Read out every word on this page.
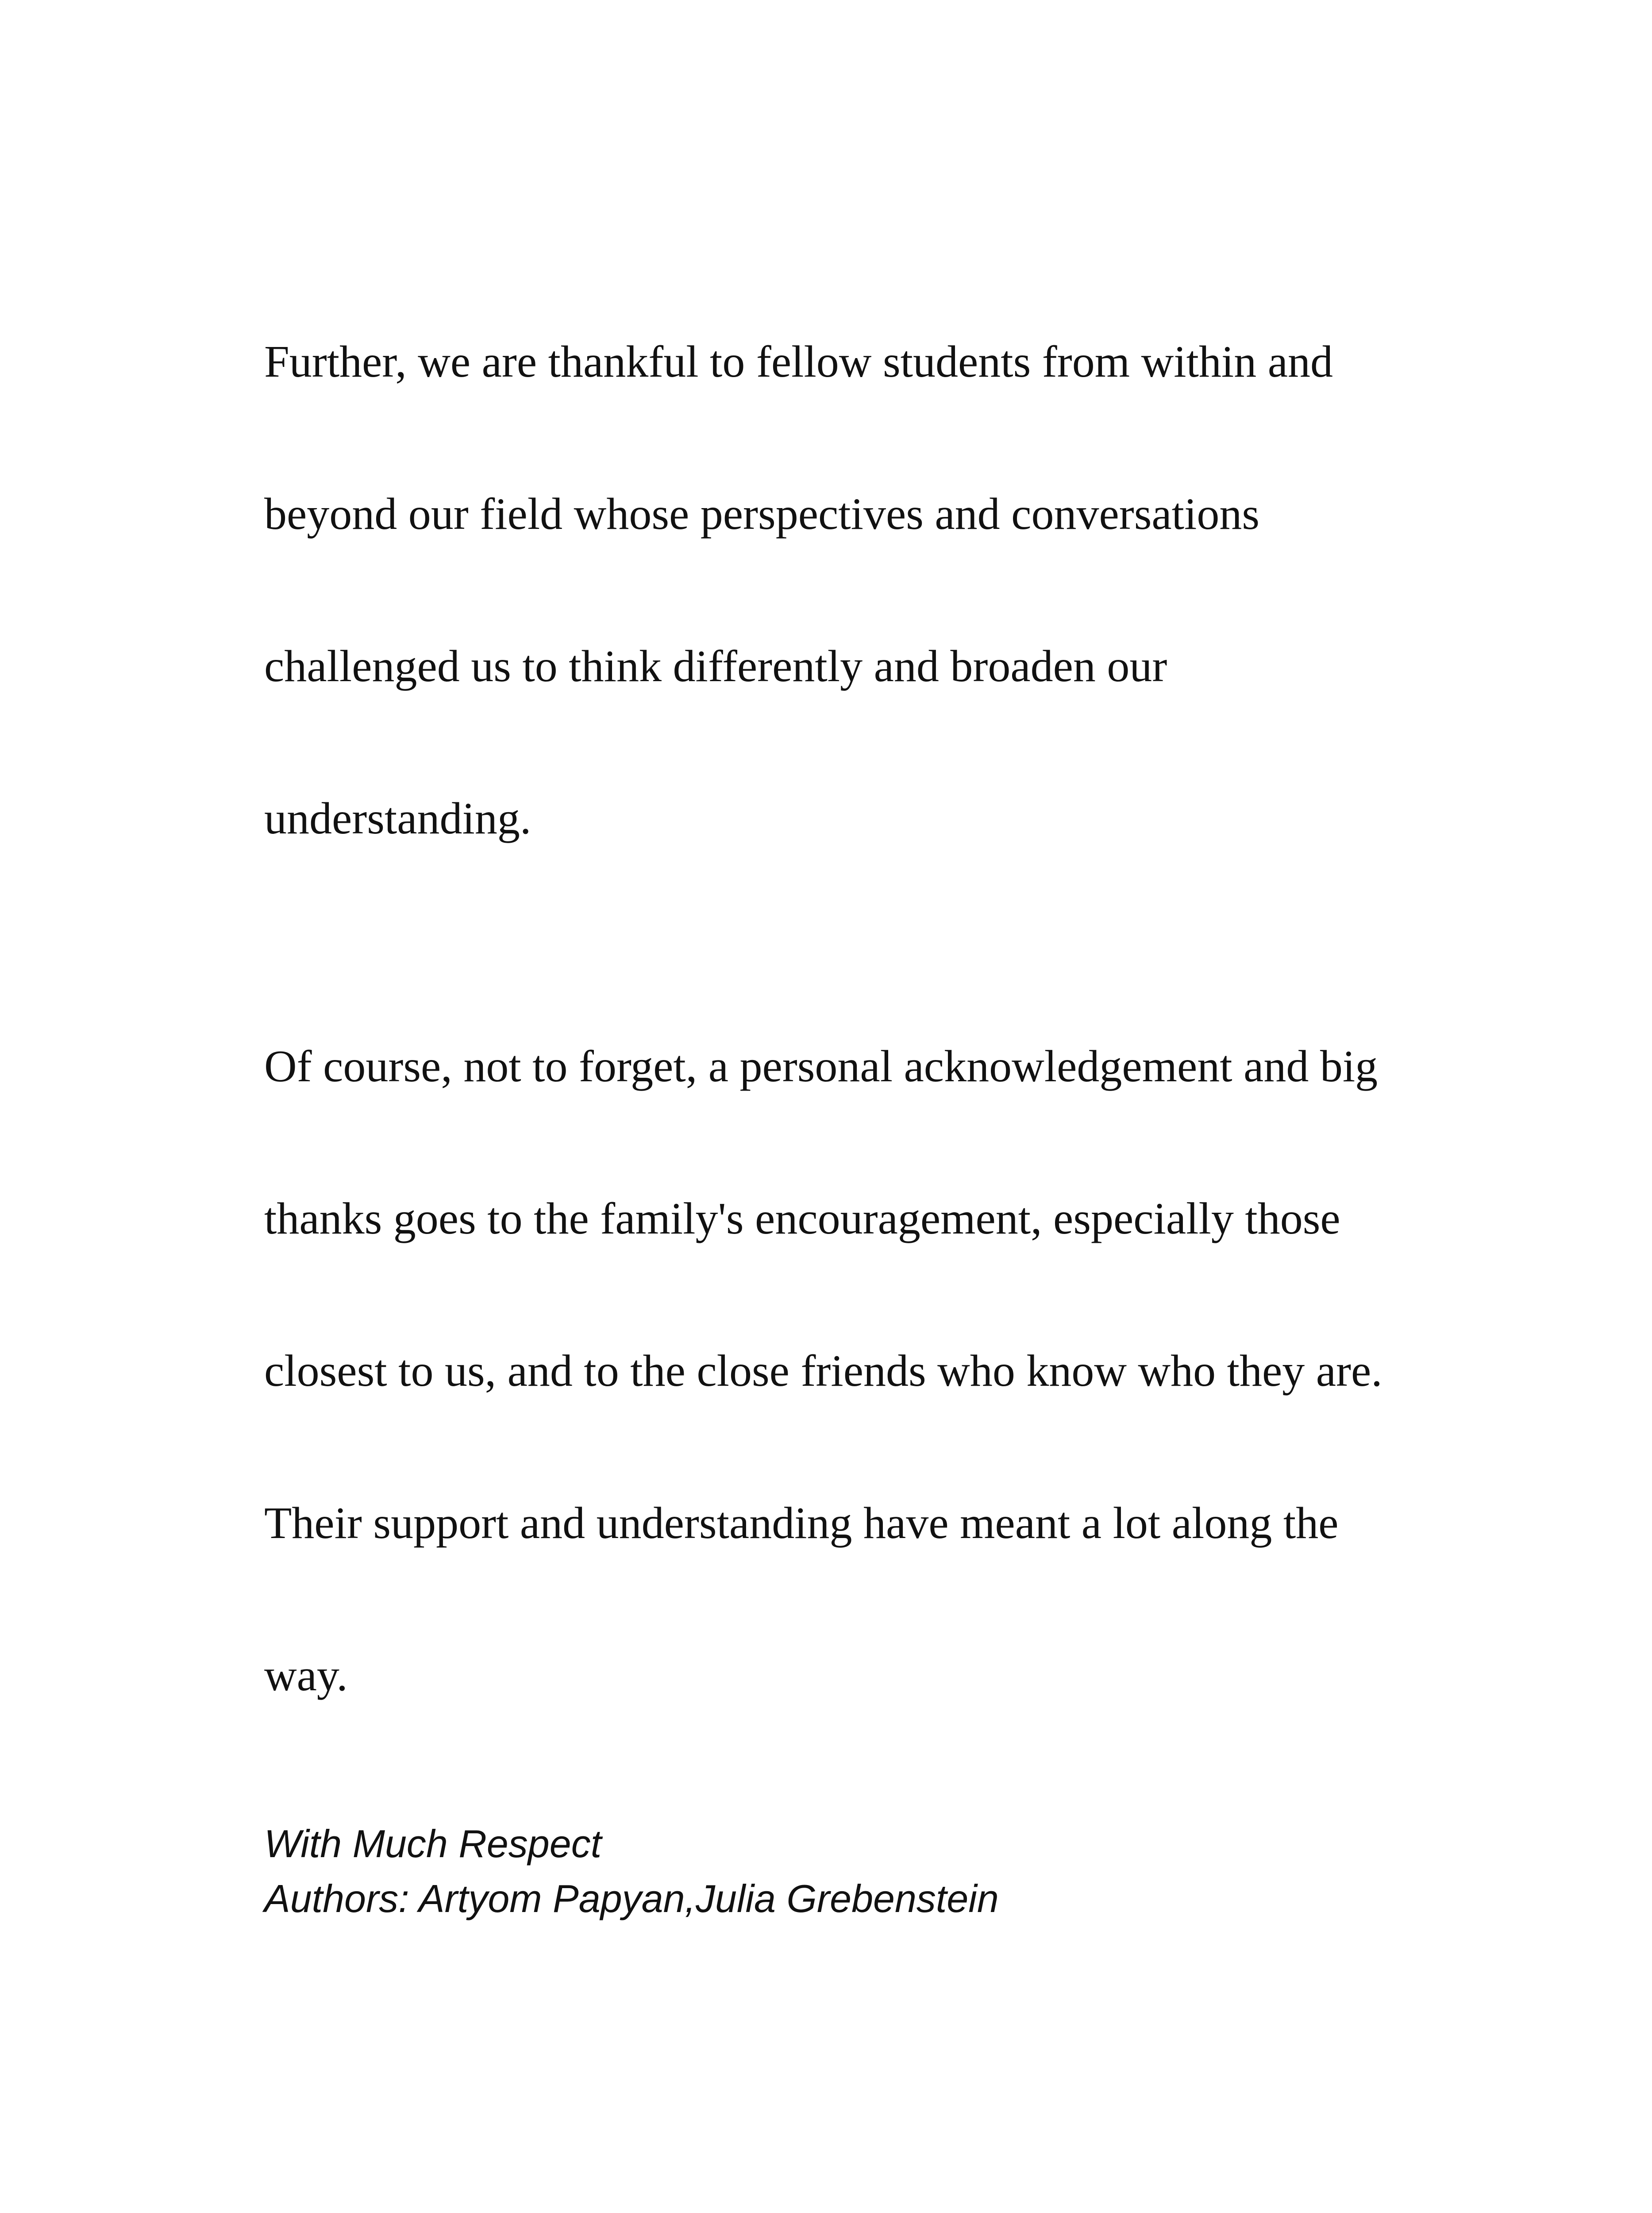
Further, we are thankful to fellow students from within and

beyond our field whose perspectives and conversations

challenged us to think differently and broaden our

understanding.

Of course, not to forget, a personal acknowledgement and big

thanks goes to the family's encouragement, especially those

closest to us, and to the close friends who know who they are.

Their support and understanding have meant a lot along the

way.

With Much Respect
Authors: Artyom Papyan,Julia Grebenstein
